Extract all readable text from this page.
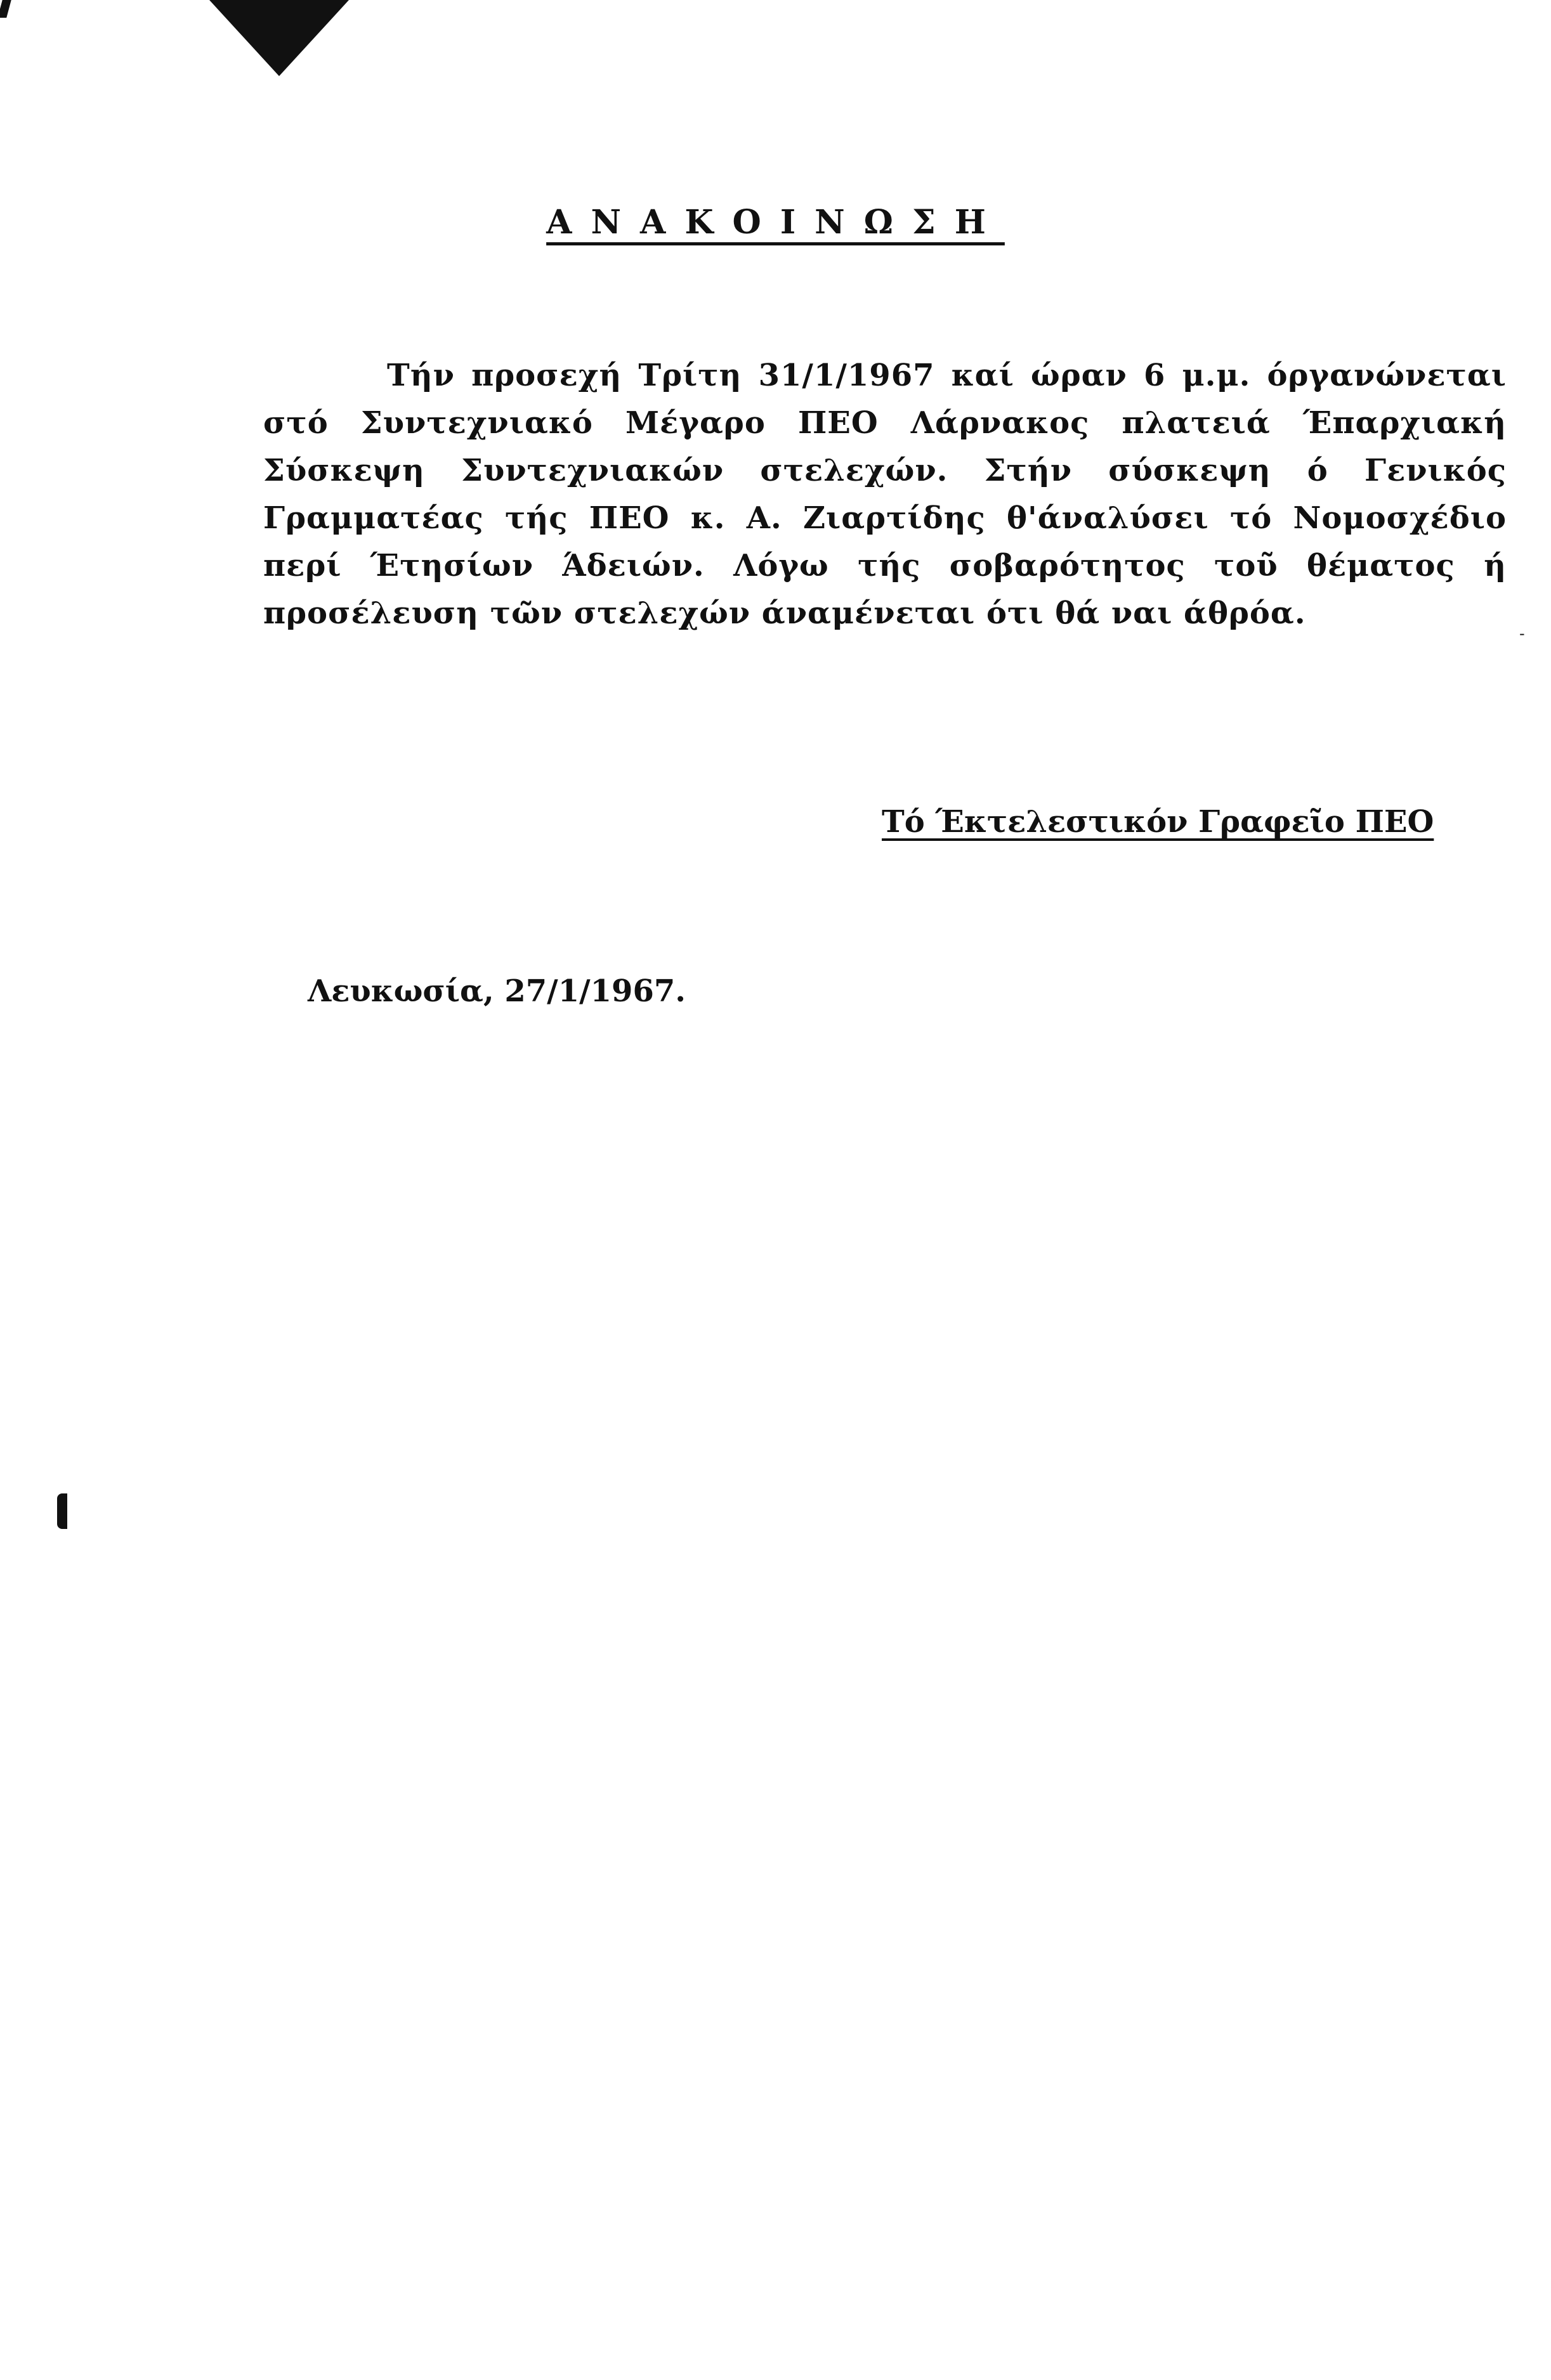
ΑΝΑΚΟΙΝΩΣΗ
Τήν προσεχή Τρίτη 31/1/1967 καί ώραν 6 μ.μ. όργανώνεται στό Συντεχνιακό Μέγαρο ΠΕΟ Λάρνακος πλατειά Έπαρχιακή Σύσκεψη Συντεχνιακών στελεχών. Στήν σύσκεψη ό Γενικός Γραμματέας τής ΠΕΟ κ. Α. Ζιαρτίδης θ'άναλύσει τό Νομοσχέδιο περί Έτησίων Άδειών. Λόγω τής σοβαρότητος τοῦ θέματος ή προσέλευση τῶν στελεχών άναμένεται ότι θά ναι άθρόα.
-
Τό Έκτελεστικόν Γραφεῖο ΠΕΟ
Λευκωσία, 27/1/1967.
